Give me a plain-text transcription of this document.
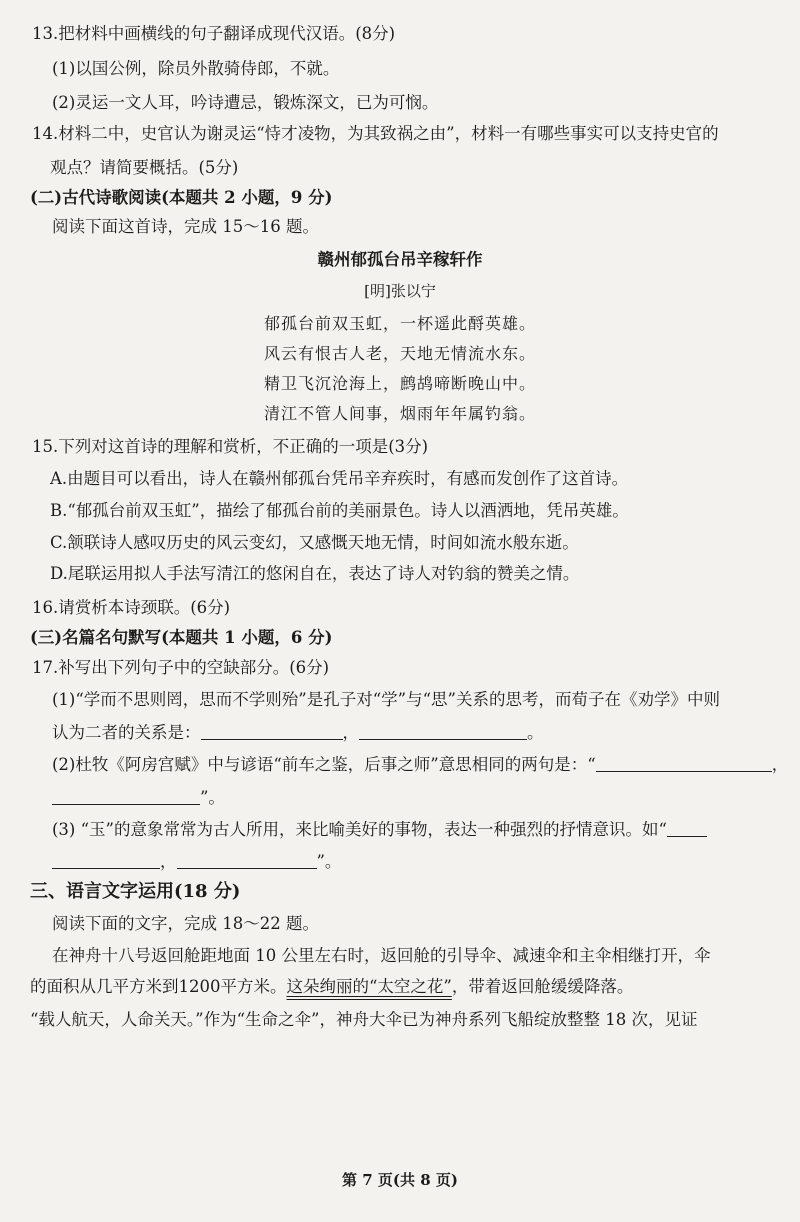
13.把材料中画横线的句子翻译成现代汉语。(8分)
(1)以国公例，除员外散骑侍郎，不就。
(2)灵运一文人耳，吟诗遭忌，锻炼深文，已为可悯。
14.材料二中，史官认为谢灵运“恃才凌物，为其致祸之由”，材料一有哪些事实可以支持史官的
观点？请简要概括。(5分)
(二)古代诗歌阅读(本题共 2 小题，9 分)
阅读下面这首诗，完成 15～16 题。
赣州郁孤台吊辛稼轩作
[明]张以宁
郁孤台前双玉虹，一杯遥此酹英雄。
风云有恨古人老，天地无情流水东。
精卫飞沉沧海上，鹧鸪啼断晚山中。
清江不管人间事，烟雨年年属钓翁。
15.下列对这首诗的理解和赏析，不正确的一项是(3分)
A.由题目可以看出，诗人在赣州郁孤台凭吊辛弃疾时，有感而发创作了这首诗。
B.“郁孤台前双玉虹”，描绘了郁孤台前的美丽景色。诗人以酒洒地，凭吊英雄。
C.颔联诗人感叹历史的风云变幻，又感慨天地无情，时间如流水般东逝。
D.尾联运用拟人手法写清江的悠闲自在，表达了诗人对钓翁的赞美之情。
16.请赏析本诗颈联。(6分)
(三)名篇名句默写(本题共 1 小题，6 分)
17.补写出下列句子中的空缺部分。(6分)
(1)“学而不思则罔，思而不学则殆”是孔子对“学”与“思”关系的思考，而荀子在《劝学》中则
认为二者的关系是：	，	。
(2)杜牧《阿房宫赋》中与谚语“前车之鉴，后事之师”意思相同的两句是：“	，
”。
(3) “玉”的意象常常为古人所用，来比喻美好的事物，表达一种强烈的抒情意识。如“
，	”。
三、语言文字运用(18 分)
阅读下面的文字，完成 18～22 题。
在神舟十八号返回舱距地面 10 公里左右时，返回舱的引导伞、减速伞和主伞相继打开，伞
的面积从几平方米到1200平方米。这朵绚丽的“太空之花”，带着返回舱缓缓降落。
“载人航天，人命关天。”作为“生命之伞”，神舟大伞已为神舟系列飞船绽放整整 18 次，见证
第 7 页(共 8 页)
